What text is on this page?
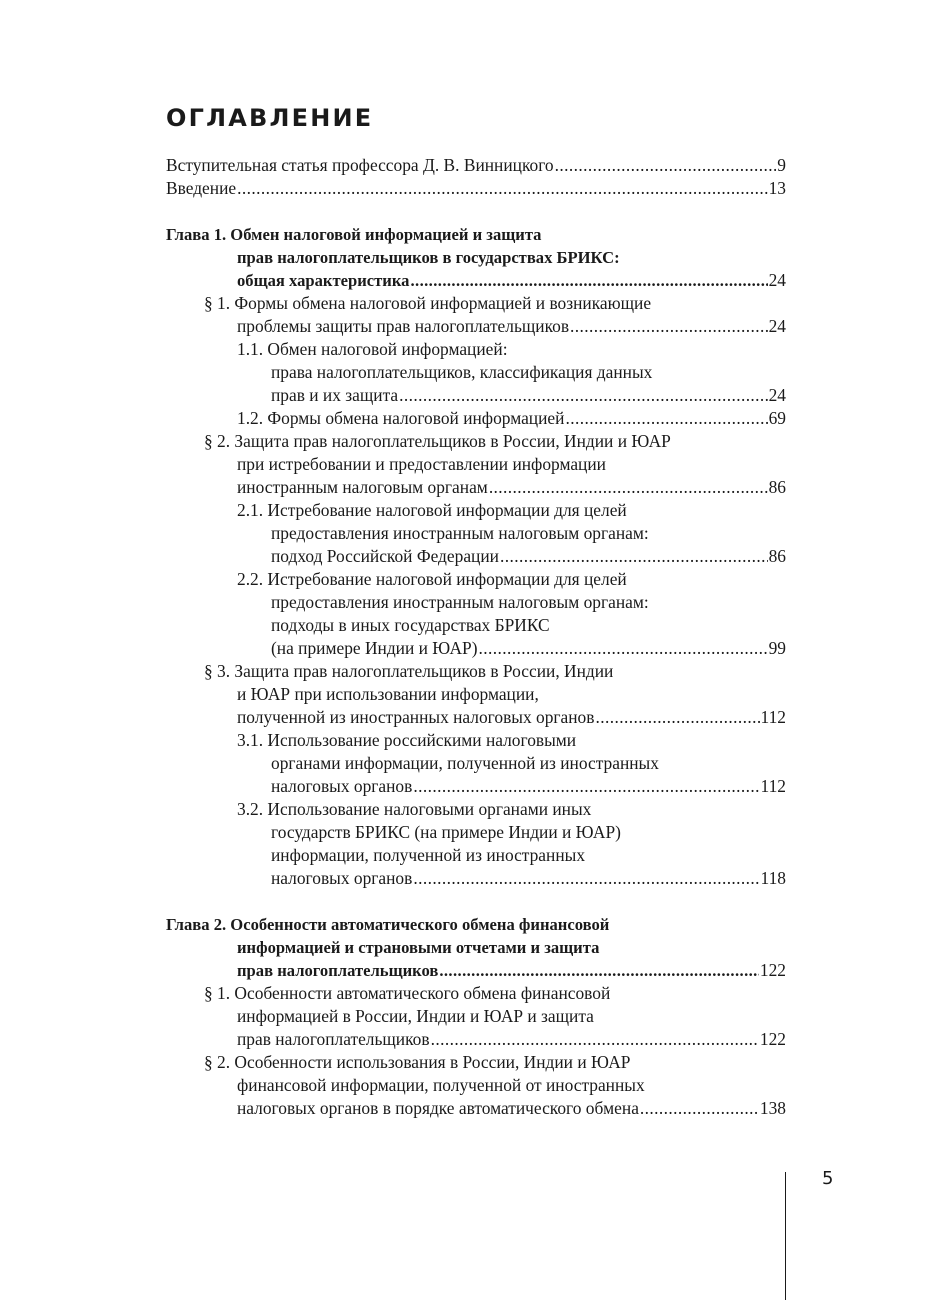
ОГЛАВЛЕНИЕ
Вступительная статья профессора Д. В. Винницкого .....	9
Введение .....	13
Глава 1. Обмен налоговой информацией и защита
прав налогоплательщиков в государствах БРИКС:
общая характеристика .....	24
§ 1. Формы обмена налоговой информацией и возникающие
проблемы защиты прав налогоплательщиков .....	24
1.1. Обмен налоговой информацией:
права налогоплательщиков, классификация данных
прав и их защита .....	24
1.2. Формы обмена налоговой информацией .....	69
§ 2. Защита прав налогоплательщиков в России, Индии и ЮАР
при истребовании и предоставлении информации
иностранным налоговым органам .....	86
2.1. Истребование налоговой информации для целей
предоставления иностранным налоговым органам:
подход Российской Федерации .....	86
2.2. Истребование налоговой информации для целей
предоставления иностранным налоговым органам:
подходы в иных государствах БРИКС
(на примере Индии и ЮАР) .....	99
§ 3. Защита прав налогоплательщиков в России, Индии
и ЮАР при использовании информации,
полученной из иностранных налоговых органов .....	112
3.1. Использование российскими налоговыми
органами информации, полученной из иностранных
налоговых органов .....	112
3.2. Использование налоговыми органами иных
государств БРИКС (на примере Индии и ЮАР)
информации, полученной из иностранных
налоговых органов .....	118
Глава 2. Особенности автоматического обмена финансовой
информацией и страновыми отчетами и защита
прав налогоплательщиков .....	122
§ 1. Особенности автоматического обмена финансовой
информацией в России, Индии и ЮАР и защита
прав налогоплательщиков .....	122
§ 2. Особенности использования в России, Индии и ЮАР
финансовой информации, полученной от иностранных
налоговых органов в порядке автоматического обмена .....	138
5
